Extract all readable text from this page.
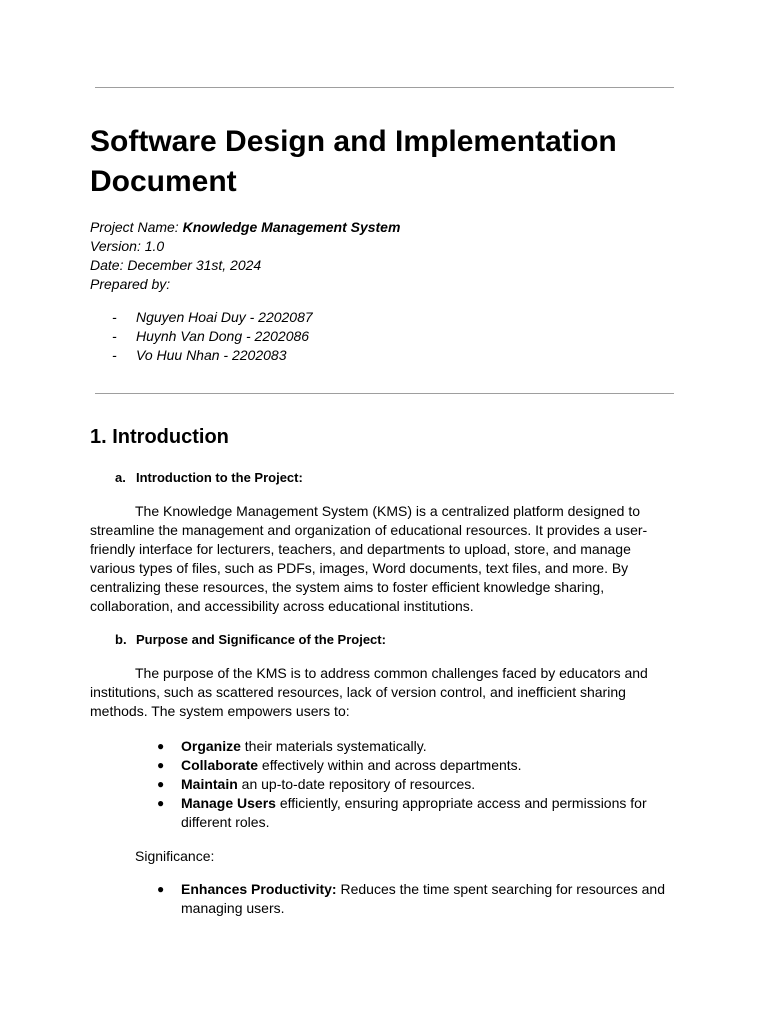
Software Design and Implementation Document
Project Name: Knowledge Management System
Version: 1.0
Date: December 31st, 2024
Prepared by:
- Nguyen Hoai Duy - 2202087
- Huynh Van Dong - 2202086
- Vo Huu Nhan - 2202083
1. Introduction
a. Introduction to the Project:

The Knowledge Management System (KMS) is a centralized platform designed to streamline the management and organization of educational resources. It provides a user-friendly interface for lecturers, teachers, and departments to upload, store, and manage various types of files, such as PDFs, images, Word documents, text files, and more. By centralizing these resources, the system aims to foster efficient knowledge sharing, collaboration, and accessibility across educational institutions.

b. Purpose and Significance of the Project:

The purpose of the KMS is to address common challenges faced by educators and institutions, such as scattered resources, lack of version control, and inefficient sharing methods. The system empowers users to:

●	Organize their materials systematically.
●	Collaborate effectively within and across departments.
●	Maintain an up-to-date repository of resources.
●	Manage Users efficiently, ensuring appropriate access and permissions for different roles.
Significance:
●	Enhances Productivity: Reduces the time spent searching for resources and managing users.
